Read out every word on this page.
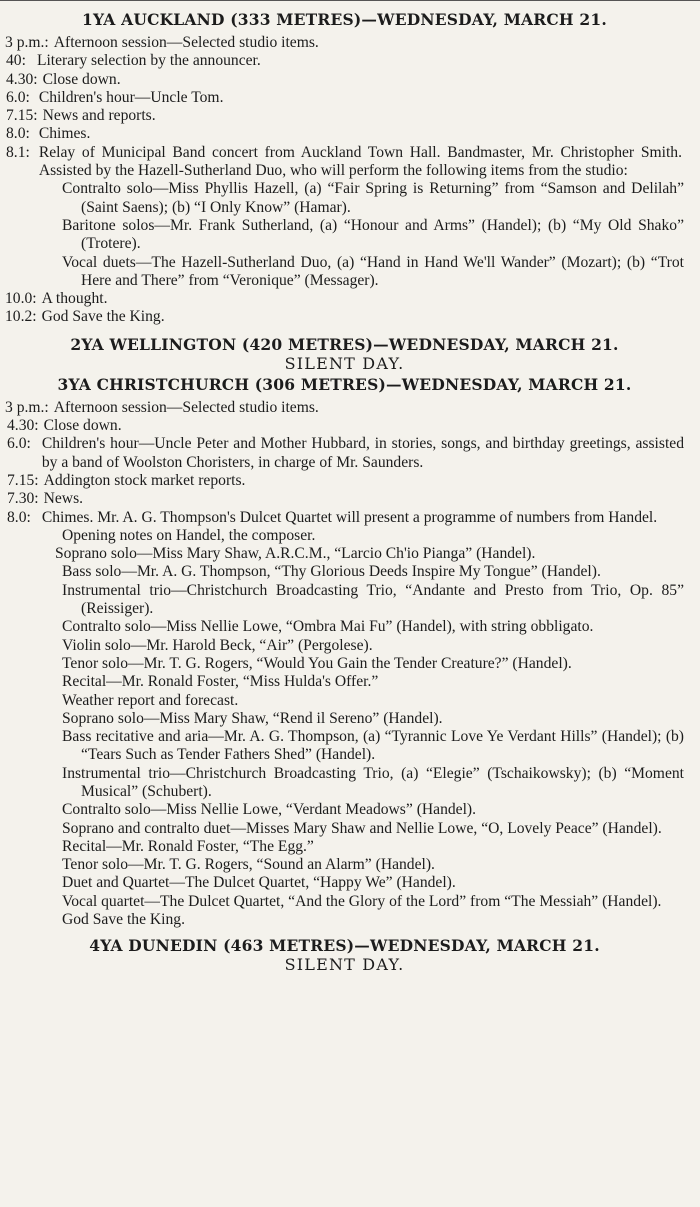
1YA AUCKLAND (333 METRES)—WEDNESDAY, MARCH 21.
3 p.m.: Afternoon session—Selected studio items.
40: Literary selection by the announcer.
4.30: Close down.
6.0: Children's hour—Uncle Tom.
7.15: News and reports.
8.0: Chimes.
8.1: Relay of Municipal Band concert from Auckland Town Hall. Bandmaster, Mr. Christopher Smith. Assisted by the Hazell-Sutherland Duo, who will perform the following items from the studio:
Contralto solo—Miss Phyllis Hazell, (a) “Fair Spring is Returning” from “Samson and Delilah” (Saint Saens); (b) “I Only Know” (Hamar).
Baritone solos—Mr. Frank Sutherland, (a) “Honour and Arms” (Handel); (b) “My Old Shako” (Trotere).
Vocal duets—The Hazell-Sutherland Duo, (a) “Hand in Hand We'll Wander” (Mozart); (b) “Trot Here and There” from “Veronique” (Messager).
10.0: A thought.
10.2: God Save the King.
2YA WELLINGTON (420 METRES)—WEDNESDAY, MARCH 21.

SILENT DAY.

3YA CHRISTCHURCH (306 METRES)—WEDNESDAY, MARCH 21.
3 p.m.: Afternoon session—Selected studio items.
4.30: Close down.
6.0: Children's hour—Uncle Peter and Mother Hubbard, in stories, songs, and birthday greetings, assisted by a band of Woolston Choristers, in charge of Mr. Saunders.
7.15: Addington stock market reports.
7.30: News.
8.0: Chimes. Mr. A. G. Thompson's Dulcet Quartet will present a programme of numbers from Handel.
Opening notes on Handel, the composer.
Soprano solo—Miss Mary Shaw, A.R.C.M., “Larcio Ch'io Pianga” (Handel).
Bass solo—Mr. A. G. Thompson, “Thy Glorious Deeds Inspire My Tongue” (Handel).
Instrumental trio—Christchurch Broadcasting Trio, “Andante and Presto from Trio, Op. 85” (Reissiger).
Contralto solo—Miss Nellie Lowe, “Ombra Mai Fu” (Handel), with string obbligato.
Violin solo—Mr. Harold Beck, “Air” (Pergolese).
Tenor solo—Mr. T. G. Rogers, “Would You Gain the Tender Creature?” (Handel).
Recital—Mr. Ronald Foster, “Miss Hulda's Offer.”
Weather report and forecast.
Soprano solo—Miss Mary Shaw, “Rend il Sereno” (Handel).
Bass recitative and aria—Mr. A. G. Thompson, (a) “Tyrannic Love Ye Verdant Hills” (Handel); (b) “Tears Such as Tender Fathers Shed” (Handel).
Instrumental trio—Christchurch Broadcasting Trio, (a) “Elegie” (Tschaikowsky); (b) “Moment Musical” (Schubert).
Contralto solo—Miss Nellie Lowe, “Verdant Meadows” (Handel).
Soprano and contralto duet—Misses Mary Shaw and Nellie Lowe, “O, Lovely Peace” (Handel).
Recital—Mr. Ronald Foster, “The Egg.”
Tenor solo—Mr. T. G. Rogers, “Sound an Alarm” (Handel).
Duet and Quartet—The Dulcet Quartet, “Happy We” (Handel).
Vocal quartet—The Dulcet Quartet, “And the Glory of the Lord” from “The Messiah” (Handel).
God Save the King.
4YA DUNEDIN (463 METRES)—WEDNESDAY, MARCH 21.

SILENT DAY.
